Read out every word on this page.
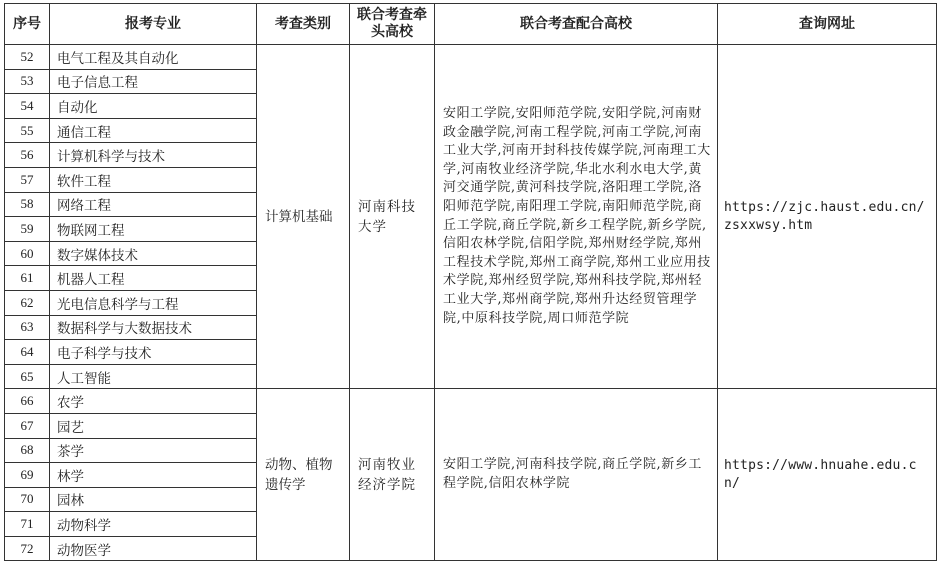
序号	报考专业	考查类别	联合考查牵头高校	联合考查配合高校	查询网址
52	电气工程及其自动化	计算机基础	河南科技大学	安阳工学院,安阳师范学院,安阳学院,河南财政金融学院,河南工程学院,河南工学院,河南工业大学,河南开封科技传媒学院,河南理工大学,河南牧业经济学院,华北水利水电大学,黄河交通学院,黄河科技学院,洛阳理工学院,洛阳师范学院,南阳理工学院,南阳师范学院,商丘工学院,商丘学院,新乡工程学院,新乡学院,信阳农林学院,信阳学院,郑州财经学院,郑州工程技术学院,郑州工商学院,郑州工业应用技术学院,郑州经贸学院,郑州科技学院,郑州轻工业大学,郑州商学院,郑州升达经贸管理学院,中原科技学院,周口师范学院	https://zjc.haust.edu.cn/zsxxwsy.htm
53	电子信息工程				
54	自动化				
55	通信工程				
56	计算机科学与技术				
57	软件工程				
58	网络工程				
59	物联网工程				
60	数字媒体技术				
61	机器人工程				
62	光电信息科学与工程				
63	数据科学与大数据技术				
64	电子科学与技术				
65	人工智能				
66	农学	动物、植物遗传学	河南牧业经济学院	安阳工学院,河南科技学院,商丘学院,新乡工程学院,信阳农林学院	https://www.hnuahe.edu.cn/
67	园艺				
68	茶学				
69	林学				
70	园林				
71	动物科学				
72	动物医学				
